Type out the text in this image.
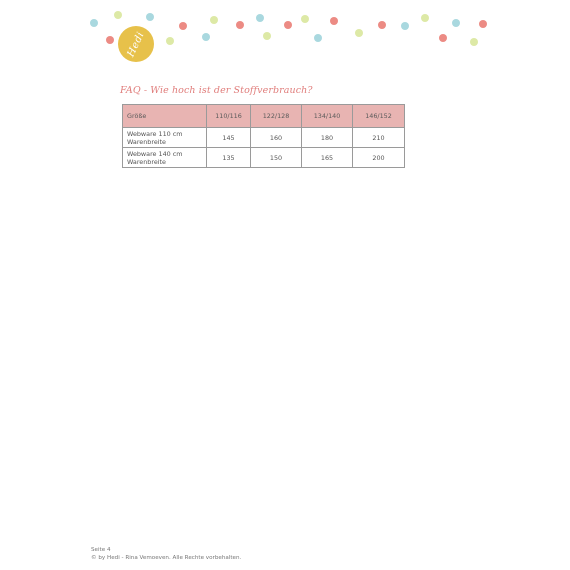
Hedi
FAQ - Wie hoch ist der Stoffverbrauch?
Größe	110/116	122/128	134/140	146/152
Webware 110 cm Warenbreite	145	160	180	210
Webware 140 cm Warenbreite	135	150	165	200
Seite 4
© by Hedi - Rina Vemoeven. Alle Rechte vorbehalten.
